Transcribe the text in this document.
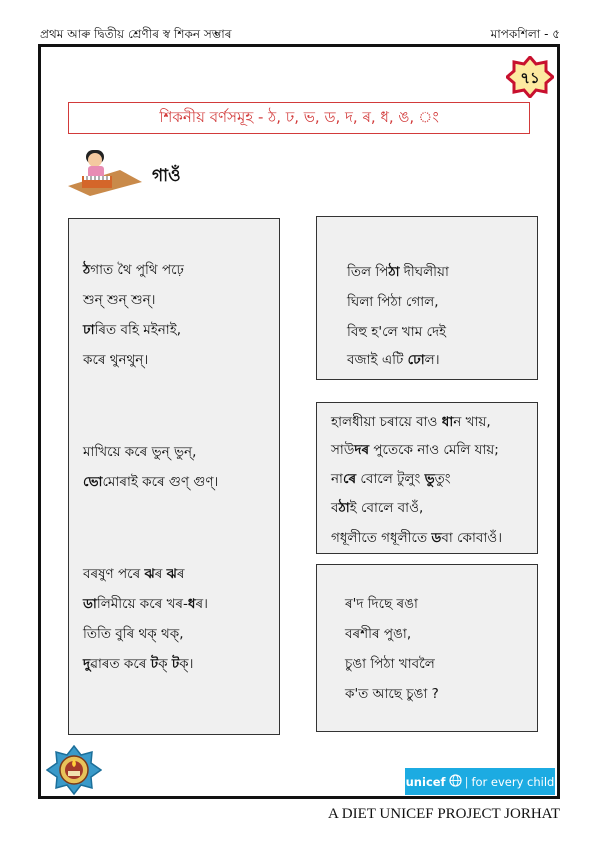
প্ৰথম আৰু দ্বিতীয় শ্ৰেণীৰ স্ব শিকন সম্ভাৰ	মাপকশিলা - ৫
৭১
শিকনীয় বৰ্ণসমূহ - ঠ, ঢ, ভ, ড, দ, ৰ, ধ, ঙ, ং
গাওঁ
ঠগাত থৈ পুথি পঢ়ে
শুন্‌ শুন্‌ শুন্‌।
ঢাৰিত বহি মইনাই,
কৰে থুনথুন্‌।
মাখিয়ে কৰে ভুন্‌ ভুন্‌,
ভোমোৰাই কৰে গুণ্‌ গুণ্‌।
বৰষুণ পৰে ঝৰ ঝৰ
ডালিমীয়ে কৰে খৰ-ধৰ।
তিতি বুৰি থক্‌ থক্‌,
দুৱাৰত কৰে টক্‌ টক্‌।
তিল পিঠা দীঘলীয়া
ঘিলা পিঠা গোল,
বিহু হ'লে খাম দেই
বজাই এটি ঢোল।
হালধীয়া চৰায়ে বাও ধান খায়,
সাউদৰ পুতেকে নাও মেলি যায়;
নাৰে বোলে টুলুং ভুতুং
বঠাই বোলে বাওঁ,
গধূলীতে গধূলীতে ডবা কোবাওঁ।
ৰ'দ দিছে ৰঙা
বৰশীৰ পুঙা,
চুঙা পিঠা খাবলৈ
ক'ত আছে চুঙা ?
unicef | for every child
A DIET UNICEF PROJECT JORHAT
